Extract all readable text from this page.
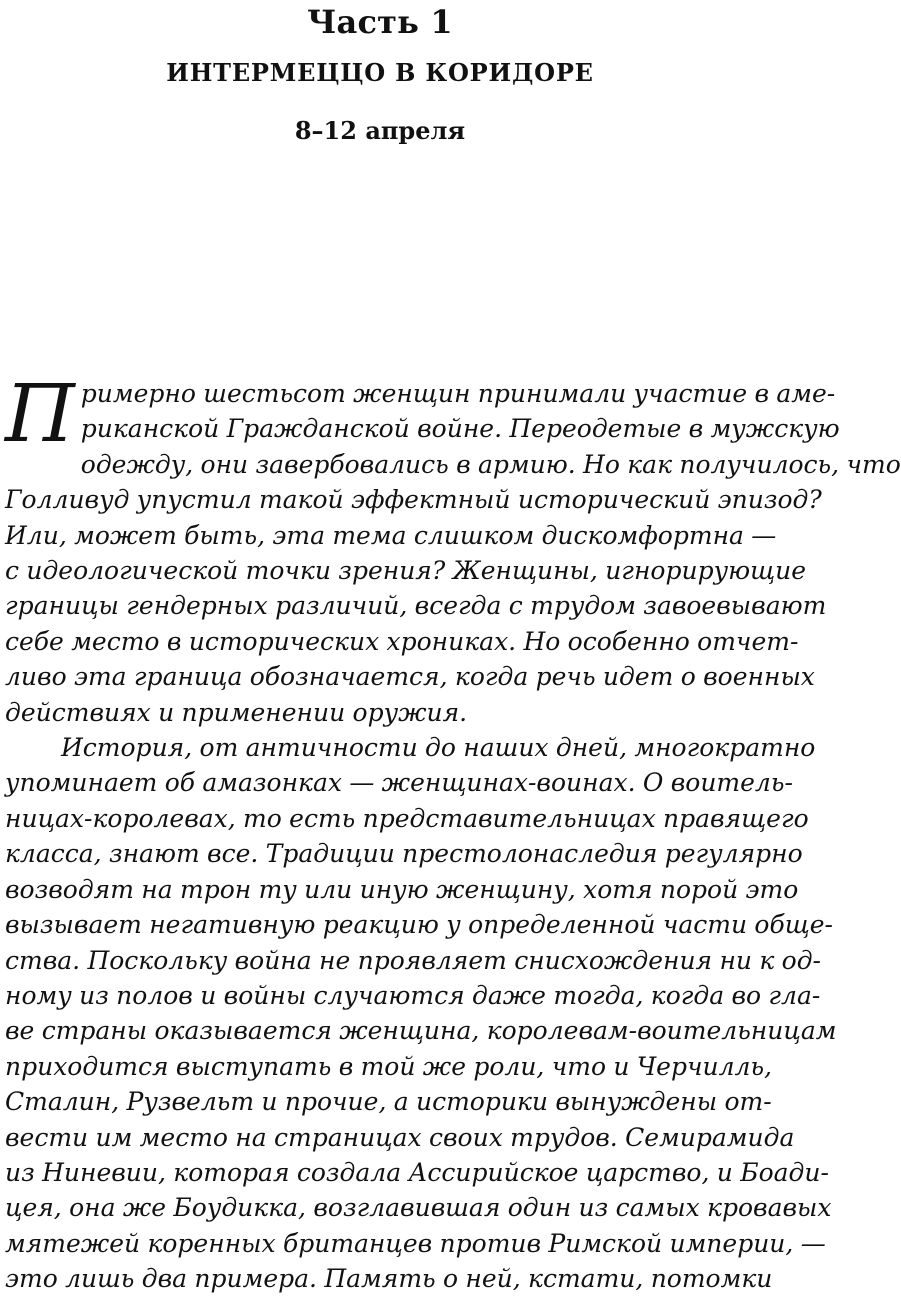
Часть 1
ИНТЕРМЕЦЦО В КОРИДОРЕ
8–12 апреля
П римерно шестьсот женщин принимали участие в аме-
риканской Гражданской войне. Переодетые в мужскую
одежду, они завербовались в армию. Но как получилось, что
Голливуд упустил такой эффектный исторический эпизод?
Или, может быть, эта тема слишком дискомфортна —
с идеологической точки зрения? Женщины, игнорирующие
границы гендерных различий, всегда с трудом завоевывают
себе место в исторических хрониках. Но особенно отчет-
ливо эта граница обозначается, когда речь идет о военных
действиях и применении оружия.
История, от античности до наших дней, многократно
упоминает об амазонках — женщинах-воинах. О воитель-
ницах-королевах, то есть представительницах правящего
класса, знают все. Традиции престолонаследия регулярно
возводят на трон ту или иную женщину, хотя порой это
вызывает негативную реакцию у определенной части обще-
ства. Поскольку война не проявляет снисхождения ни к од-
ному из полов и войны случаются даже тогда, когда во гла-
ве страны оказывается женщина, королевам-воительницам
приходится выступать в той же роли, что и Черчилль,
Сталин, Рузвельт и прочие, а историки вынуждены от-
вести им место на страницах своих трудов. Семирамида
из Ниневии, которая создала Ассирийское царство, и Боади-
цея, она же Боудикка, возглавившая один из самых кровавых
мятежей коренных британцев против Римской империи, —
это лишь два примера. Память о ней, кстати, потомки
